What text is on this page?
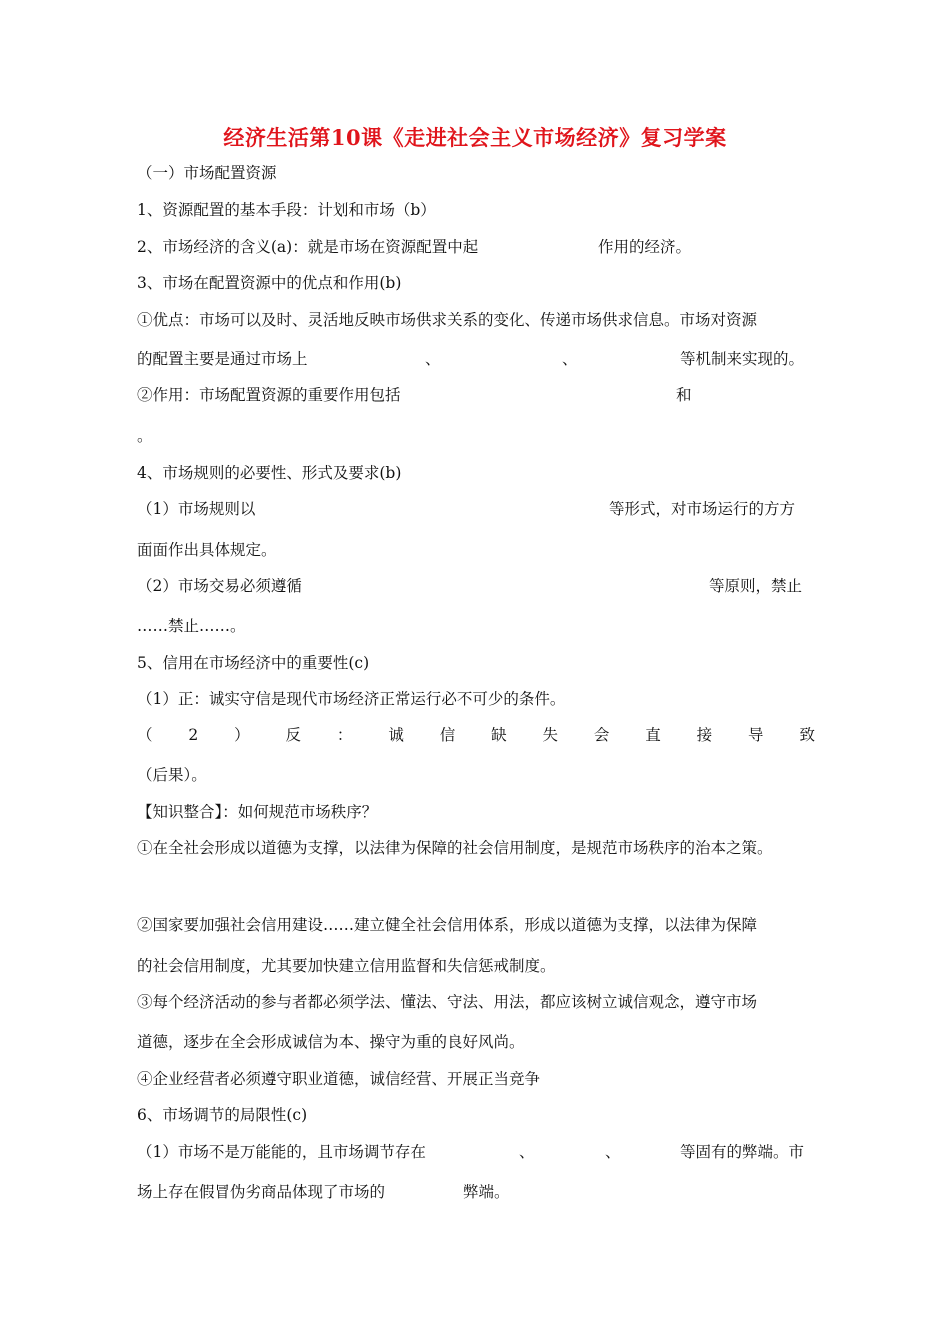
经济生活第10课《走进社会主义市场经济》复习学案
（一）市场配置资源
1、资源配置的基本手段：计划和市场（b）
2、市场经济的含义(a)：就是市场在资源配置中起	作用的经济。
3、市场在配置资源中的优点和作用(b)
①优点：市场可以及时、灵活地反映市场供求关系的变化、传递市场供求信息。市场对资源
的配置主要是通过市场上	、	、	等机制来实现的。
②作用：市场配置资源的重要作用包括	和
。
4、市场规则的必要性、形式及要求(b)
（1）市场规则以	等形式，对市场运行的方方
面面作出具体规定。
（2）市场交易必须遵循	等原则，禁止
……禁止……。
5、信用在市场经济中的重要性(c)
（1）正：诚实守信是现代市场经济正常运行必不可少的条件。
（ 2 ） 反 ： 诚 信 缺 失 会 直 接 导 致
（后果）。
【知识整合】：如何规范市场秩序？
①在全社会形成以道德为支撑，以法律为保障的社会信用制度，是规范市场秩序的治本之策。
②国家要加强社会信用建设……建立健全社会信用体系，形成以道德为支撑，以法律为保障
的社会信用制度，尤其要加快建立信用监督和失信惩戒制度。
③每个经济活动的参与者都必须学法、懂法、守法、用法，都应该树立诚信观念，遵守市场
道德，逐步在全会形成诚信为本、操守为重的良好风尚。
④企业经营者必须遵守职业道德，诚信经营、开展正当竞争
6、市场调节的局限性(c)
（1）市场不是万能能的，且市场调节存在	、	、	等固有的弊端。市
场上存在假冒伪劣商品体现了市场的	弊端。
